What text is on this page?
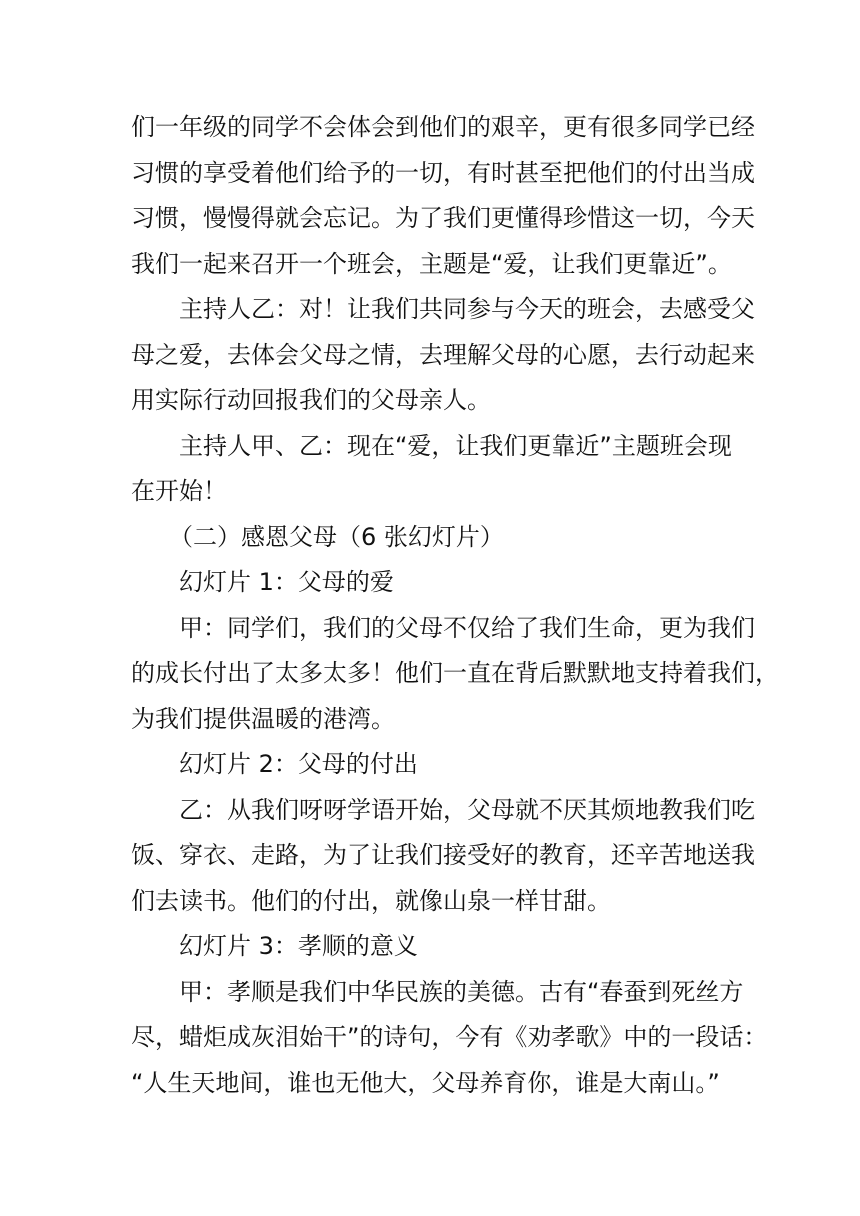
们一年级的同学不会体会到他们的艰辛，更有很多同学已经
习惯的享受着他们给予的一切，有时甚至把他们的付出当成
习惯，慢慢得就会忘记。为了我们更懂得珍惜这一切，今天
我们一起来召开一个班会，主题是“爱，让我们更靠近”。
主持人乙：对！让我们共同参与今天的班会，去感受父
母之爱，去体会父母之情，去理解父母的心愿，去行动起来
用实际行动回报我们的父母亲人。
主持人甲、乙：现在“爱，让我们更靠近”主题班会现
在开始！
（二）感恩父母（6 张幻灯片）
幻灯片 1：父母的爱
甲：同学们，我们的父母不仅给了我们生命，更为我们
的成长付出了太多太多！他们一直在背后默默地支持着我们，
为我们提供温暖的港湾。
幻灯片 2：父母的付出
乙：从我们呀呀学语开始，父母就不厌其烦地教我们吃
饭、穿衣、走路，为了让我们接受好的教育，还辛苦地送我
们去读书。他们的付出，就像山泉一样甘甜。
幻灯片 3：孝顺的意义
甲：孝顺是我们中华民族的美德。古有“春蚕到死丝方
尽，蜡炬成灰泪始干”的诗句，今有《劝孝歌》中的一段话：
“人生天地间，谁也无他大，父母养育你，谁是大南山。”
